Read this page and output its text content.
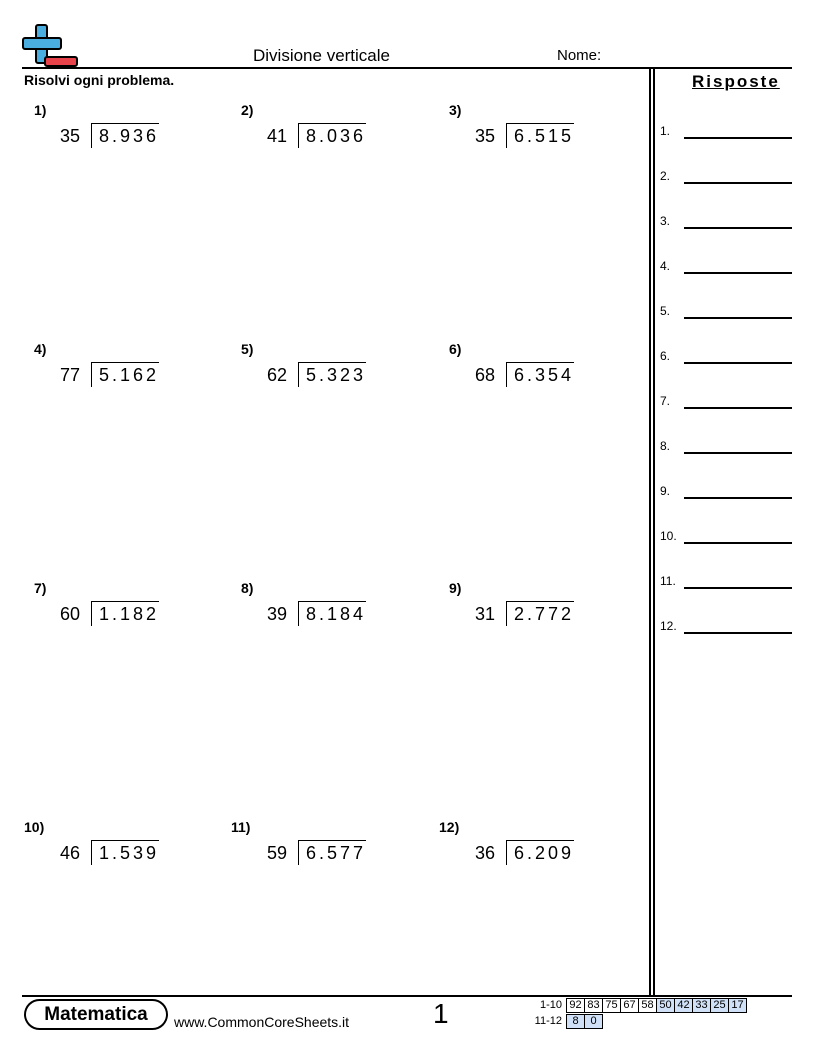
Divisione verticale	Nome:
Risolvi ogni problema.
1)
35	8.936
2)
41	8.036
3)
35	6.515
4)
77	5.162
5)
62	5.323
6)
68	6.354
7)
60	1.182
8)
39	8.184
9)
31	2.772
10)
46	1.539
11)
59	6.577
12)
36	6.209
Risposte
1.
2.
3.
4.
5.
6.
7.
8.
9.
10.
11.
12.
Matematica	www.CommonCoreSheets.it	1	1-10 92 83 75 67 58 50 42 33 25 17
11-12 8	0
